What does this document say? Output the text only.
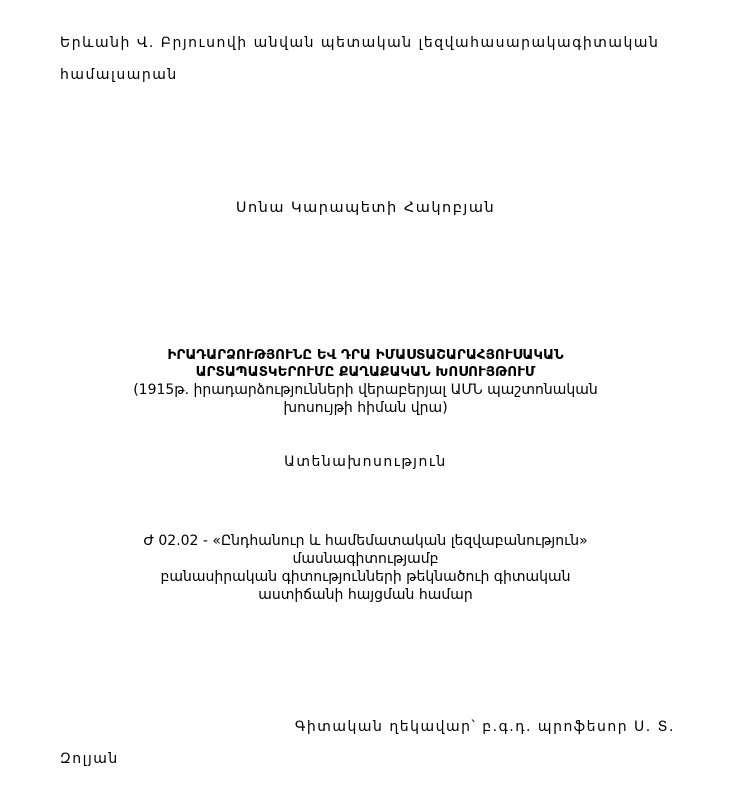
Երևանի Վ. Բրյուսովի անվան պետական լեզվահասարակագիտական
համալսարան
Սոնա Կարապետի Հակոբյան
ԻՐԱԴԱՐՁՈՒԹՅՈՒՆԸ ԵՎ ԴՐԱ ԻՄԱՍՏԱՇԱՐԱՀՅՈՒՍԱԿԱՆ
ԱՐՏԱՊԱՏԿԵՐՈՒՄԸ ՔԱՂԱՔԱԿԱՆ ԽՈՍՈՒՅԹՈՒՄ
(1915թ. իրադարձությունների վերաբերյալ ԱՄՆ պաշտոնական
խոսույթի հիման վրա)
Ատենախոսություն
Ժ 02.02 - «Ընդհանուր և համեմատական լեզվաբանություն»
մասնագիտությամբ
բանասիրական գիտությունների թեկնածուի գիտական
աստիճանի հայցման համար
Գիտական ղեկավար՝ բ.գ.դ. պրոֆեսոր Ս. Տ.
Զոլյան
